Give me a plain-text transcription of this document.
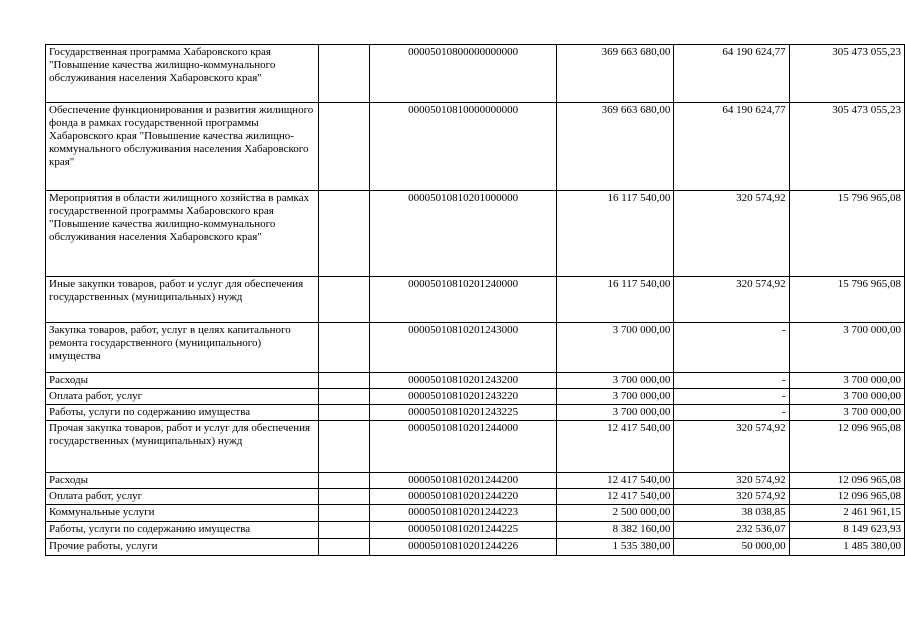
Государственная программа Хабаровского края "Повышение качества жилищно-коммунального обслуживания населения Хабаровского края"		00005010800000000000	369 663 680,00	64 190 624,77	305 473 055,23
Обеспечение функционирования и развития жилищного фонда в рамках государственной программы Хабаровского края "Повышение качества жилищно-коммунального обслуживания населения Хабаровского края"		00005010810000000000	369 663 680,00	64 190 624,77	305 473 055,23
Мероприятия в области жилищного хозяйства в рамках государственной программы Хабаровского края "Повышение качества жилищно-коммунального обслуживания населения Хабаровского края"		00005010810201000000	16 117 540,00	320 574,92	15 796 965,08
Иные закупки товаров, работ и услуг для обеспечения государственных (муниципальных) нужд		00005010810201240000	16 117 540,00	320 574,92	15 796 965,08
Закупка товаров, работ, услуг в целях капитального ремонта государственного (муниципального) имущества		00005010810201243000	3 700 000,00	-	3 700 000,00
Расходы		00005010810201243200	3 700 000,00	-	3 700 000,00
Оплата работ, услуг		00005010810201243220	3 700 000,00	-	3 700 000,00
Работы, услуги по содержанию имущества		00005010810201243225	3 700 000,00	-	3 700 000,00
Прочая закупка товаров, работ и услуг для обеспечения государственных (муниципальных) нужд		00005010810201244000	12 417 540,00	320 574,92	12 096 965,08
Расходы		00005010810201244200	12 417 540,00	320 574,92	12 096 965,08
Оплата работ, услуг		00005010810201244220	12 417 540,00	320 574,92	12 096 965,08
Коммунальные услуги		00005010810201244223	2 500 000,00	38 038,85	2 461 961,15
Работы, услуги по содержанию имущества		00005010810201244225	8 382 160,00	232 536,07	8 149 623,93
Прочие работы, услуги		00005010810201244226	1 535 380,00	50 000,00	1 485 380,00
